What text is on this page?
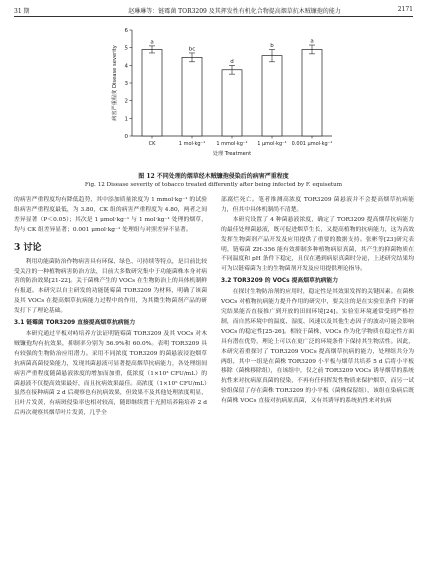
31 期	赵琳琳等：链霉菌 TOR3209 及其挥发性有机化合物提高烟草抗木贼镰孢的能力	2171
0
1
2
3
4
5
6
病害严重程度 Disease severity
CK	1 mol·kg⁻¹ 1 mmol·kg⁻¹ 1 μmol·kg⁻¹ 0.001 μmol·kg⁻¹
处理 Treatment
a
bc
d
b
a
图 12 不同处理的烟草经木贼镰孢侵染后的病害严重程度
Fig. 12 Disease severity of tobacco treated differently after being infected by F. equisetum

的病害严重程度均有降低趋势，其中添加质量浓度为 1 mmol·kg⁻¹ 的试验组病害严重程度最低，为 3.80，CK 组的病害严重程度为 4.80，两者之间差异显著（P＜0.05）；其次是 1 μmol·kg⁻¹ 与 1 mol·kg⁻¹ 处理的烟草，均与 CK 组差异显著；0.001 μmol·kg⁻¹ 处理组与对照差异不显著。

3 讨论

利用功能菌防治作物病害具有环保、绿色、可持续等特点，是目前比较受关注的一种植物病害防治方法，目前大多数研究集中于功能菌株本身对病害的防治效果[21-22]。关于菌株产生的 VOCs 在生物防治上的具体机制鲜有报道。本研究以自主研发的功能链霉菌 TOR3209 为材料，明确了该菌及其 VOCs 在提高烟草抗病能力过程中的作用，为其微生物菌剂产品的研发打下了理论基础。

3.1 链霉菌 TOR3209 直接提高烟草抗病能力

本研究通过平板对峙培养方法证明链霉菌 TOR3209 及其 VOCs 对木贼镰孢均有抗效果，抑制率分别为 56.9%和 60.0%。表明 TOR3209 具有较强的生物防治应用潜力。采用不同浓度 TOR3209 的菌悬液浸泡烟草抗病菌高菌侵染能力，发现其菌悬液可显著提高烟草抗病能力，各处理组间病害严重程度随菌悬液浓度的增加而加重，低浓度（1×10³ CFU/mL）的菌悬液不仅提高效果最好，而且抗病效果最佳。高浓度（1×10⁵ CFU/mL）虽然在接种病菌 2 d 后观察也有抗病效果，但效果不及其他处理浓度明显，且叶片发黄，有病斑侵染率也相对较高，随即继续置于光照培养箱培养 2 d 后再次观察其烟草叶片发黄，几乎全

部腐烂死亡。笔者推测高浓度 TOR3209 菌悬液并不会提高烟草抗病能力，但其中具体机制尚不清楚。

本研究设置了 4 种菌悬液浓度，确定了 TOR3209 提高烟草抗病能力的最佳处理菌悬液，既可促进烟草生长，又提高植物的抗病能力，这为高效发挥生物菌剂产品开发及应用提供了重要的数据支持。张彬等[23]研究表明，链霉菌 ZH-356 能有效抑制多种植物病原真菌，其产生的抑菌物质在不同温度和 pH 条件下稳定，且仅在遇到病原真菌时分泌，上述研究结果均可为以链霉菌为主的生物菌剂开发及应用提供理论指导。

3.2 TOR3209 的 VOCs 提高烟草抗病能力

在探讨生物防治剂的应用时，稳定性是其效果发挥的关键因素。在菌株 VOCs 对植物抗病能力提升作用的研究中，要关注的是在实验室条件下的研究结果能否直接推广到开放的田间环境[24]。实验室环境通常受到严格控制，而自然环境中的温度、湿度、风速以及其他生态因子的波动可能会影响 VOCs 的稳定性[25-26]。相较于菌株，VOCs 作为化学物质在稳定性方面具有潜在优势，理论上可以在更广泛的环境条件下保持其生物活性。因此，本研究着重探讨了 TOR3209 VOCs 提高烟草抗病的能力，处理组共分为两组，其中一组是在菌株 TOR3209 小平板与烟草共培养 5 d 后将小平板移除（菌株移除组），在该组中，仅之前 TOR3209 VOCs 诱导烟草的系统抗性来对抗病原真菌的侵染，不再有任何挥发性物质来保护烟草，而另一试验组保留了存在菌株 TOR3209 的小平板（菌株保留组），该组在染病后既有菌株 VOCs 直接对抗病原真菌，又有其诱导的系统抗性来对抗病
